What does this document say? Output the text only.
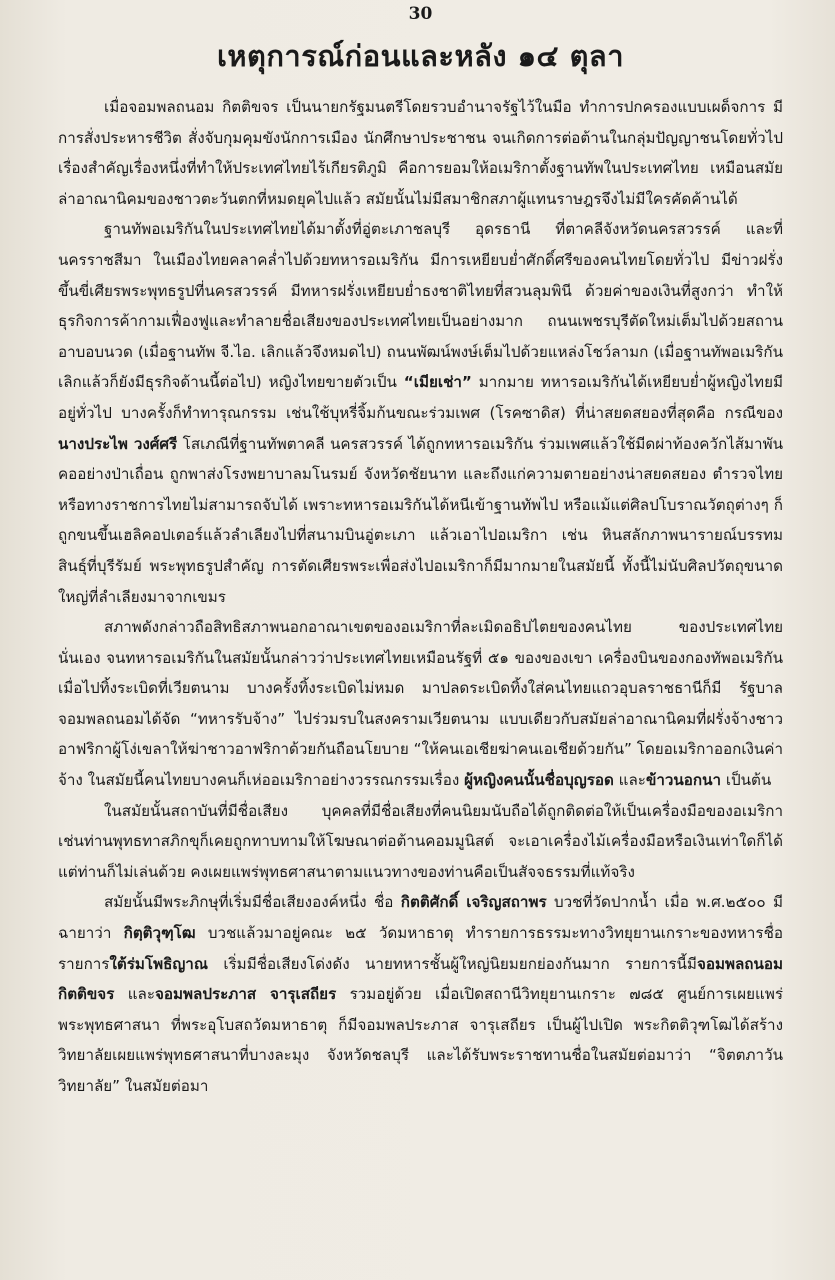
30
เหตุการณ์ก่อนและหลัง ๑๔ ตุลา

เมื่อจอมพลถนอม กิตติขจร เป็นนายกรัฐมนตรีโดยรวบอำนาจรัฐไว้ในมือ ทำการปกครองแบบเผด็จการ มีการสั่งประหารชีวิต สั่งจับกุมคุมขังนักการเมือง นักศึกษาประชาชน จนเกิดการต่อต้านในกลุ่มปัญญาชนโดยทั่วไป เรื่องสำคัญเรื่องหนึ่งที่ทำให้ประเทศไทยไร้เกียรติภูมิ คือการยอมให้อเมริกาตั้งฐานทัพในประเทศไทย เหมือนสมัยล่าอาณานิคมของชาวตะวันตกที่หมดยุคไปแล้ว สมัยนั้นไม่มีสมาชิกสภาผู้แทนราษฎรจึงไม่มีใครคัดค้านได้

ฐานทัพอเมริกันในประเทศไทยได้มาตั้งที่อู่ตะเภาชลบุรี อุดรธานี ที่ตาคลีจังหวัดนครสวรรค์ และที่นครราชสีมา ในเมืองไทยคลาคล่ำไปด้วยทหารอเมริกัน มีการเหยียบย่ำศักดิ์ศรีของคนไทยโดยทั่วไป มีข่าวฝรั่งขึ้นขี่เศียรพระพุทธรูปที่นครสวรรค์ มีทหารฝรั่งเหยียบย่ำธงชาติไทยที่สวนลุมพินี ด้วยค่าของเงินที่สูงกว่า ทำให้ธุรกิจการค้ากามเฟื่องฟูและทำลายชื่อเสียงของประเทศไทยเป็นอย่างมาก ถนนเพชรบุรีตัดใหม่เต็มไปด้วยสถานอาบอบนวด (เมื่อฐานทัพ จี.ไอ. เลิกแล้วจึงหมดไป) ถนนพัฒน์พงษ์เต็มไปด้วยแหล่งโชว์ลามก (เมื่อฐานทัพอเมริกันเลิกแล้วก็ยังมีธุรกิจด้านนี้ต่อไป) หญิงไทยขายตัวเป็น “เมียเช่า” มากมาย ทหารอเมริกันได้เหยียบย่ำผู้หญิงไทยมีอยู่ทั่วไป บางครั้งก็ทำทารุณกรรม เช่นใช้บุหรี่จิ้มก้นขณะร่วมเพศ (โรคซาดิส) ที่น่าสยดสยองที่สุดคือ กรณีของ นางประไพ วงศ์ศรี โสเภณีที่ฐานทัพตาคลี นครสวรรค์ ได้ถูกทหารอเมริกัน ร่วมเพศแล้วใช้มีดผ่าท้องควักไส้มาพันคออย่างป่าเถื่อน ถูกพาส่งโรงพยาบาลมโนรมย์ จังหวัดชัยนาท และถึงแก่ความตายอย่างน่าสยดสยอง ตำรวจไทยหรือทางราชการไทยไม่สามารถจับได้ เพราะทหารอเมริกันได้หนีเข้าฐานทัพไป หรือแม้แต่ศิลปโบราณวัตถุต่างๆ ก็ถูกขนขึ้นเฮลิคอปเตอร์แล้วลำเลียงไปที่สนามบินอู่ตะเภา แล้วเอาไปอเมริกา เช่น หินสลักภาพนารายณ์บรรทมสินธุ์ที่บุรีรัมย์ พระพุทธรูปสำคัญ การตัดเศียรพระเพื่อส่งไปอเมริกาก็มีมากมายในสมัยนี้ ทั้งนี้ไม่นับศิลปวัตถุขนาดใหญ่ที่ลำเลียงมาจากเขมร

สภาพดังกล่าวถือสิทธิสภาพนอกอาณาเขตของอเมริกาที่ละเมิดอธิปไตยของคนไทย ของประเทศไทยนั่นเอง จนทหารอเมริกันในสมัยนั้นกล่าวว่าประเทศไทยเหมือนรัฐที่ ๕๑ ของของเขา เครื่องบินของกองทัพอเมริกันเมื่อไปทิ้งระเบิดที่เวียตนาม บางครั้งทิ้งระเบิดไม่หมด มาปลดระเบิดทิ้งใส่คนไทยแถวอุบลราชธานีก็มี รัฐบาลจอมพลถนอมได้จัด “ทหารรับจ้าง” ไปร่วมรบในสงครามเวียตนาม แบบเดียวกับสมัยล่าอาณานิคมที่ฝรั่งจ้างชาวอาฟริกาผู้โง่เขลาให้ฆ่าชาวอาฟริกาด้วยกันถือนโยบาย “ให้คนเอเชียฆ่าคนเอเชียด้วยกัน” โดยอเมริกาออกเงินค่าจ้าง ในสมัยนี้คนไทยบางคนก็เห่ออเมริกาอย่างวรรณกรรมเรื่อง ผู้หญิงคนนั้นชื่อบุญรอด และข้าวนอกนา เป็นต้น

ในสมัยนั้นสถาบันที่มีชื่อเสียง บุคคลที่มีชื่อเสียงที่คนนิยมนับถือได้ถูกติดต่อให้เป็นเครื่องมือของอเมริกา เช่นท่านพุทธทาสภิกขุก็เคยถูกทาบทามให้โฆษณาต่อต้านคอมมูนิสต์ จะเอาเครื่องไม้เครื่องมือหรือเงินเท่าใดก็ได้ แต่ท่านก็ไม่เล่นด้วย คงเผยแพร่พุทธศาสนาตามแนวทางของท่านคือเป็นสัจจธรรมที่แท้จริง

สมัยนั้นมีพระภิกษุที่เริ่มมีชื่อเสียงองค์หนึ่ง ชื่อ กิตติศักดิ์ เจริญสถาพร บวชที่วัดปากน้ำ เมื่อ พ.ศ.๒๕๐๐ มีฉายาว่า กิตฺติวุฑฺโฒ บวชแล้วมาอยู่คณะ ๒๕ วัดมหาธาตุ ทำรายการธรรมะทางวิทยุยานเกราะของทหารชื่อ รายการใต้ร่มโพธิญาณ เริ่มมีชื่อเสียงโด่งดัง นายทหารชั้นผู้ใหญ่นิยมยกย่องกันมาก รายการนี้มีจอมพลถนอม กิตติขจร และจอมพลประภาส จารุเสถียร รวมอยู่ด้วย เมื่อเปิดสถานีวิทยุยานเกราะ ๗๘๕ ศูนย์การเผยแพร่พระพุทธศาสนา ที่พระอุโบสถวัดมหาธาตุ ก็มีจอมพลประภาส จารุเสถียร เป็นผู้ไปเปิด พระกิตติวุฑโฒได้สร้างวิทยาลัยเผยแพร่พุทธศาสนาที่บางละมุง จังหวัดชลบุรี และได้รับพระราชทานชื่อในสมัยต่อมาว่า “จิตตภาวันวิทยาลัย” ในสมัยต่อมา
